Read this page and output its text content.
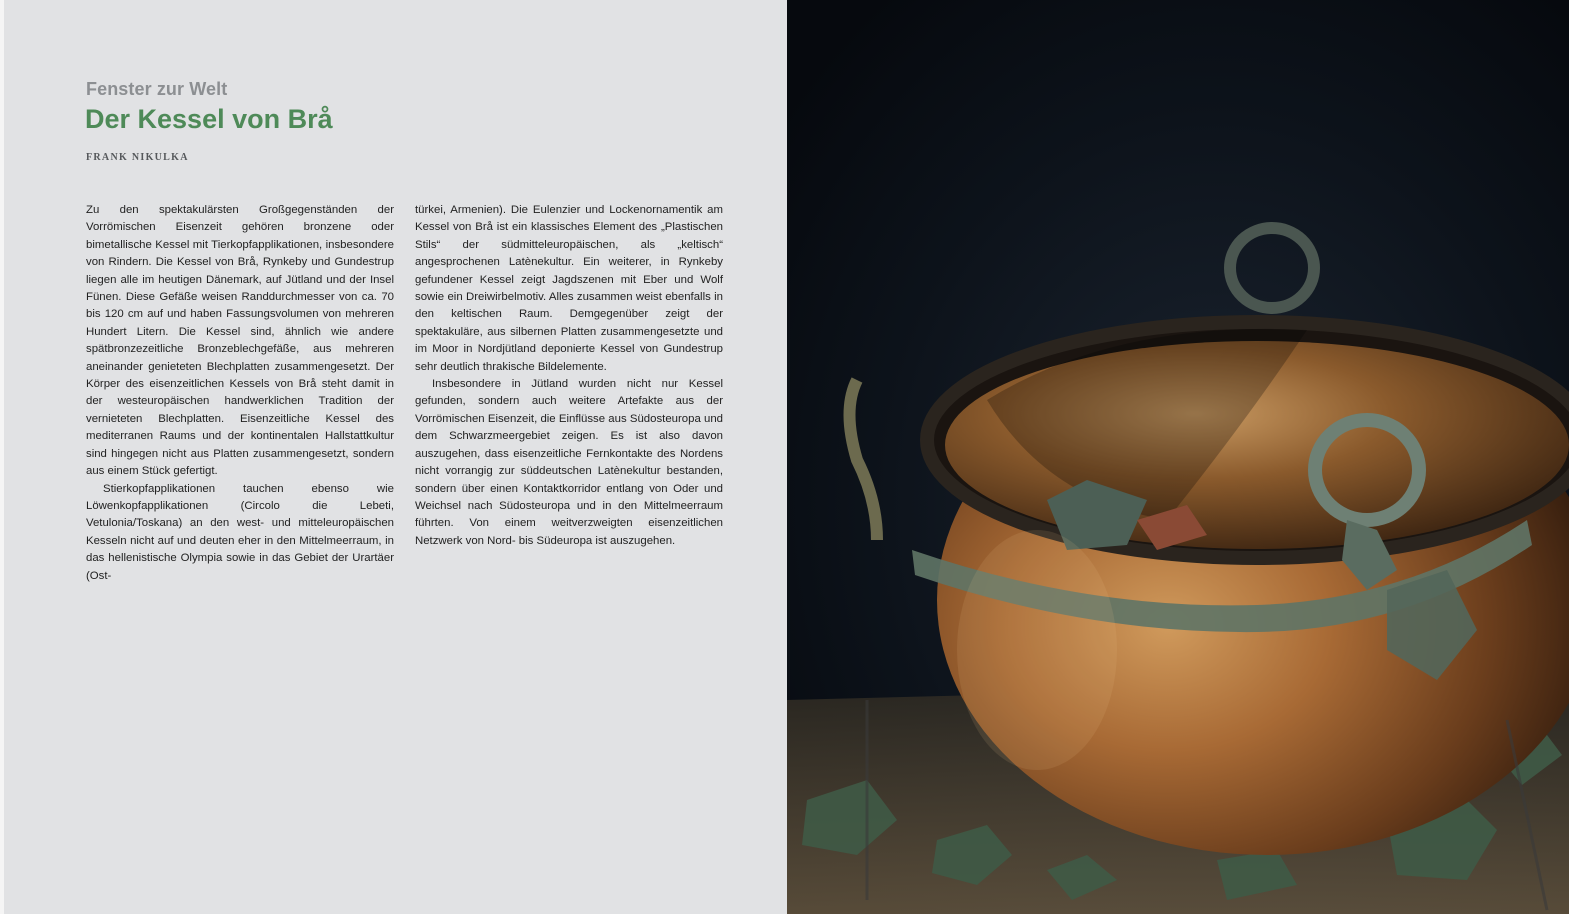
Fenster zur Welt
Der Kessel von Brå
FRANK NIKULKA

Zu den spektakulärsten Großgegenständen der Vorrömischen Eisenzeit gehören bronzene oder bimetallische Kessel mit Tierkopfapplikationen, insbesondere von Rindern. Die Kessel von Brå, Rynkeby und Gundestrup liegen alle im heutigen Dänemark, auf Jütland und der Insel Fünen. Diese Gefäße weisen Randdurchmesser von ca. 70 bis 120 cm auf und haben Fassungsvolumen von mehreren Hundert Litern. Die Kessel sind, ähnlich wie andere spätbronzezeitliche Bronzeblechgefäße, aus mehreren aneinander genieteten Blechplatten zusammengesetzt. Der Körper des eisenzeitlichen Kessels von Brå steht damit in der westeuropäischen handwerklichen Tradition der vernieteten Blechplatten. Eisenzeitliche Kessel des mediterranen Raums und der kontinentalen Hallstattkultur sind hingegen nicht aus Platten zusammengesetzt, sondern aus einem Stück gefertigt.

Stierkopfapplikationen tauchen ebenso wie Löwenkopfapplikationen (Circolo die Lebeti, Vetulonia/Toskana) an den west- und mitteleuropäischen Kesseln nicht auf und deuten eher in den Mittelmeerraum, in das hellenistische Olympia sowie in das Gebiet der Urartäer (Ost-

türkei, Armenien). Die Eulenzier und Lockenornamentik am Kessel von Brå ist ein klassisches Element des „Plastischen Stils“ der südmitteleuropäischen, als „keltisch“ angesprochenen Latènekultur. Ein weiterer, in Rynkeby gefundener Kessel zeigt Jagdszenen mit Eber und Wolf sowie ein Dreiwirbelmotiv. Alles zusammen weist ebenfalls in den keltischen Raum. Demgegenüber zeigt der spektakuläre, aus silbernen Platten zusammengesetzte und im Moor in Nordjütland deponierte Kessel von Gundestrup sehr deutlich thrakische Bildelemente.

Insbesondere in Jütland wurden nicht nur Kessel gefunden, sondern auch weitere Artefakte aus der Vorrömischen Eisenzeit, die Einflüsse aus Südosteuropa und dem Schwarzmeergebiet zeigen. Es ist also davon auszugehen, dass eisenzeitliche Fernkontakte des Nordens nicht vorrangig zur süddeutschen Latènekultur bestanden, sondern über einen Kontaktkorridor entlang von Oder und Weichsel nach Südosteuropa und in den Mittelmeerraum führten. Von einem weitverzweigten eisenzeitlichen Netzwerk von Nord- bis Südeuropa ist auszugehen.
